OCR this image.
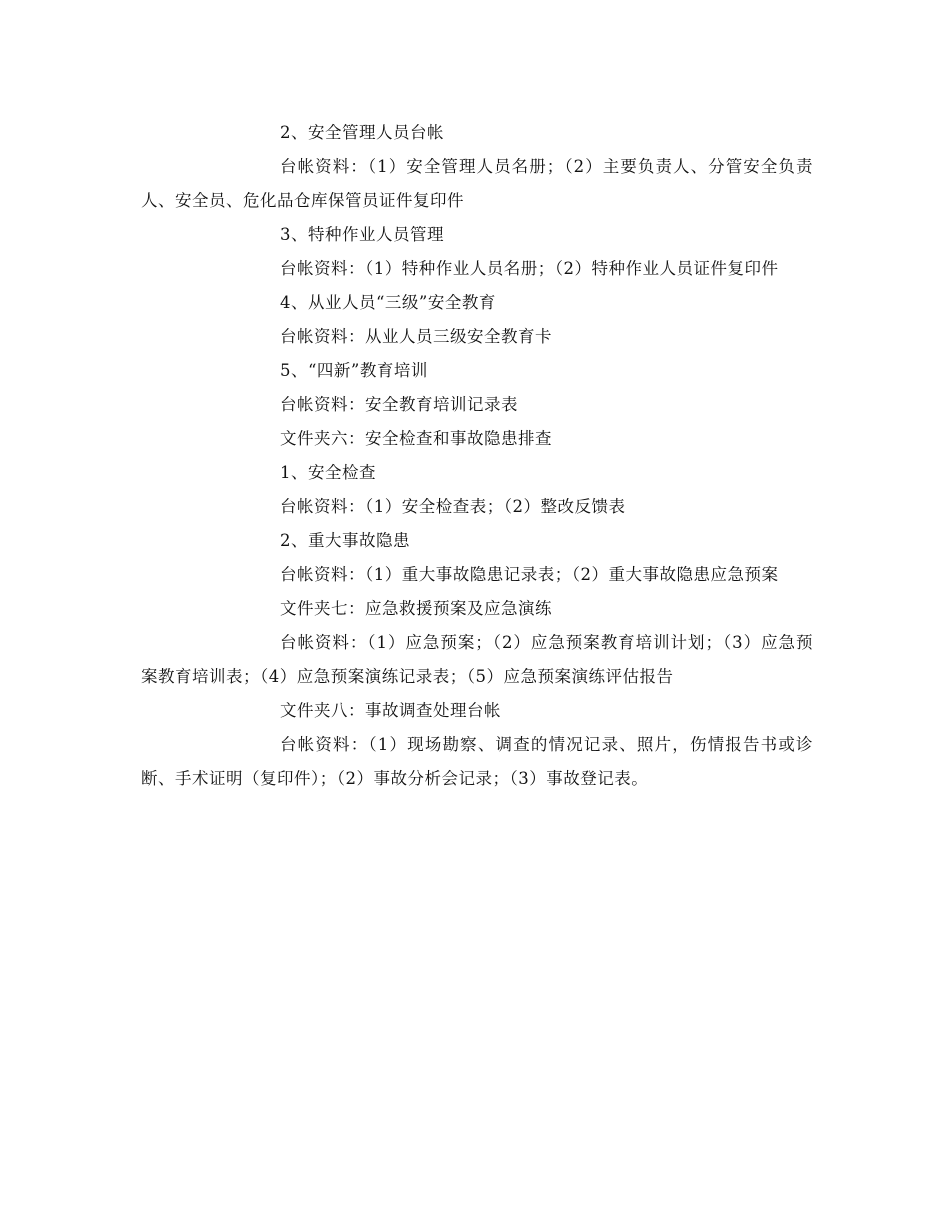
2、安全管理人员台帐

台帐资料：（1）安全管理人员名册；（2）主要负责人、分管安全负责人、安全员、危化品仓库保管员证件复印件

3、特种作业人员管理

台帐资料：（1）特种作业人员名册；（2）特种作业人员证件复印件

4、从业人员“三级”安全教育

台帐资料：从业人员三级安全教育卡

5、“四新”教育培训

台帐资料：安全教育培训记录表

文件夹六：安全检查和事故隐患排查

1、安全检查

台帐资料：（1）安全检查表；（2）整改反馈表

2、重大事故隐患

台帐资料：（1）重大事故隐患记录表；（2）重大事故隐患应急预案

文件夹七：应急救援预案及应急演练

台帐资料：（1）应急预案；（2）应急预案教育培训计划；（3）应急预案教育培训表；（4）应急预案演练记录表；（5）应急预案演练评估报告

文件夹八：事故调查处理台帐

台帐资料：（1）现场勘察、调查的情况记录、照片，伤情报告书或诊断、手术证明（复印件）；（2）事故分析会记录；（3）事故登记表。
